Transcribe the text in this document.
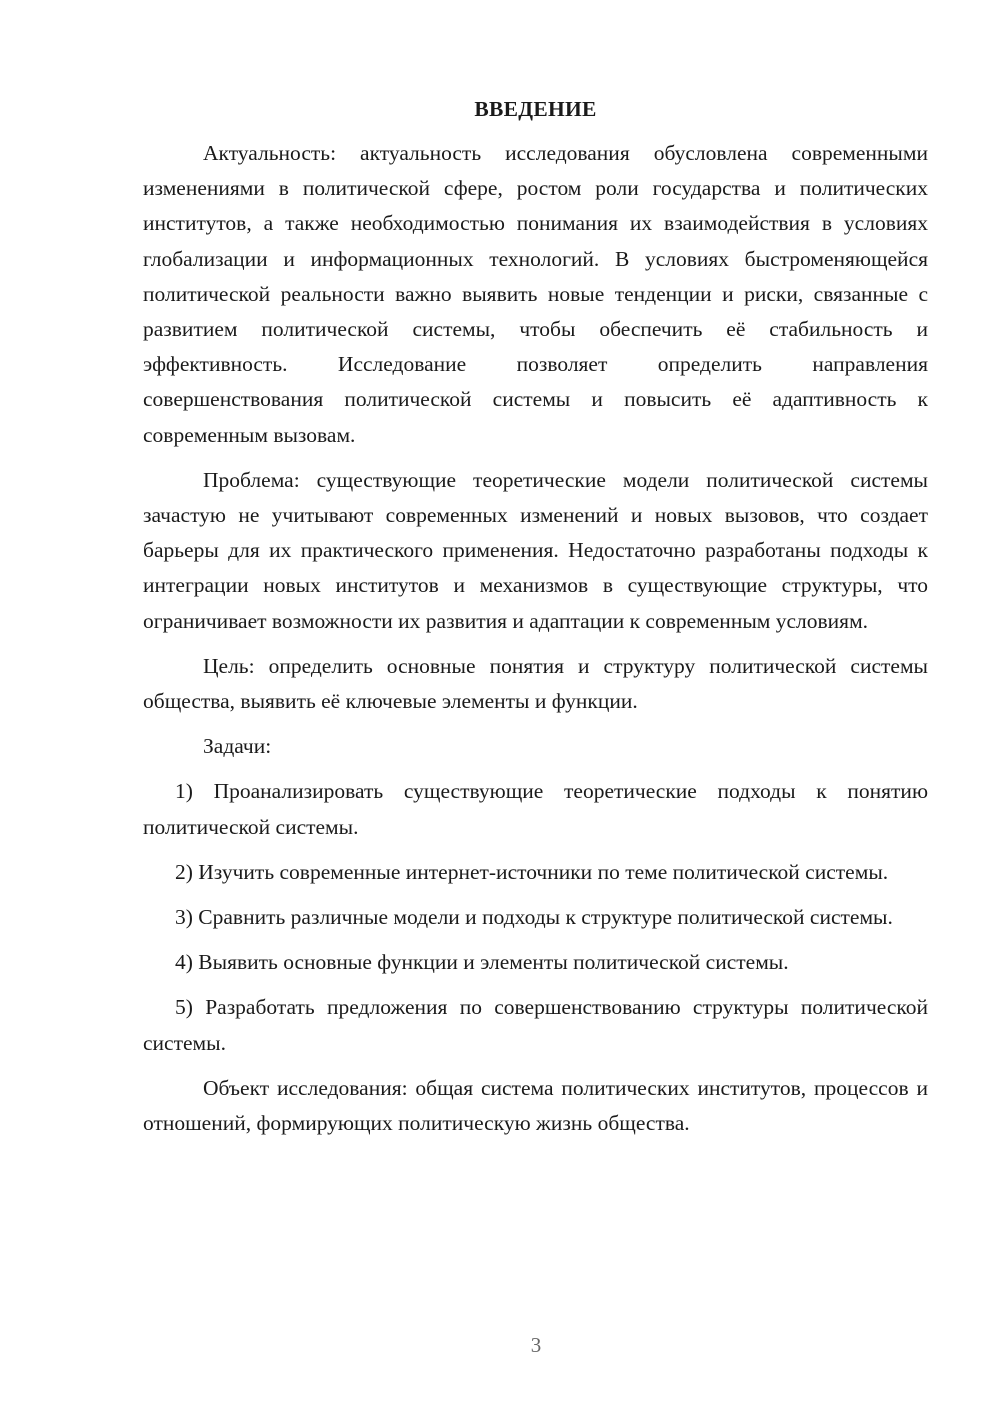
ВВЕДЕНИЕ

Актуальность: актуальность исследования обусловлена современными изменениями в политической сфере, ростом роли государства и политических институтов, а также необходимостью понимания их взаимодействия в условиях глобализации и информационных технологий. В условиях быстроменяющейся политической реальности важно выявить новые тенденции и риски, связанные с развитием политической системы, чтобы обеспечить её стабильность и эффективность. Исследование позволяет определить направления совершенствования политической системы и повысить её адаптивность к современным вызовам.

Проблема: существующие теоретические модели политической системы зачастую не учитывают современных изменений и новых вызовов, что создает барьеры для их практического применения. Недостаточно разработаны подходы к интеграции новых институтов и механизмов в существующие структуры, что ограничивает возможности их развития и адаптации к современным условиям.

Цель: определить основные понятия и структуру политической системы общества, выявить её ключевые элементы и функции.

Задачи:

1) Проанализировать существующие теоретические подходы к понятию политической системы.

2) Изучить современные интернет-источники по теме политической системы.

3) Сравнить различные модели и подходы к структуре политической системы.

4) Выявить основные функции и элементы политической системы.

5) Разработать предложения по совершенствованию структуры политической системы.

Объект исследования: общая система политических институтов, процессов и отношений, формирующих политическую жизнь общества.

3
